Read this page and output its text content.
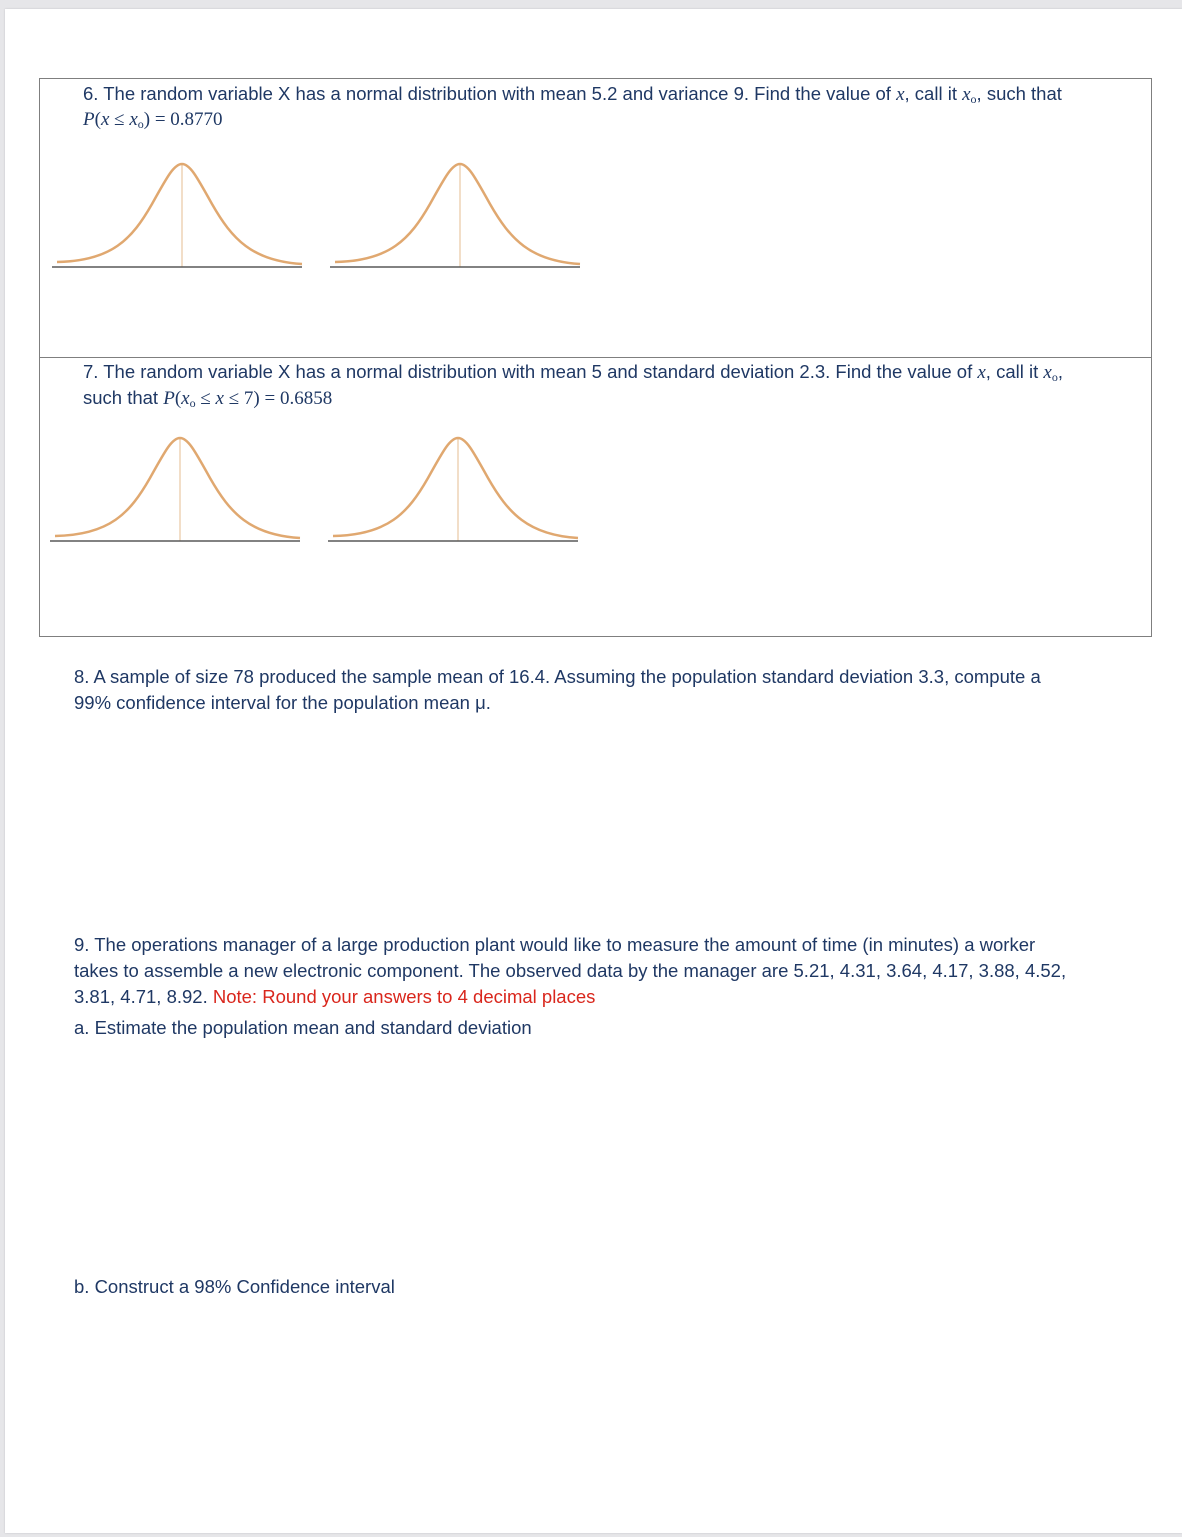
6. The random variable X has a normal distribution with mean 5.2 and variance 9. Find the value of x, call it $x_o$, such that
$P(x \le x_o) = 0.8770$
7. The random variable X has a normal distribution with mean 5 and standard deviation 2.3. Find the value of x, call it $x_o$,
such that $P(x_o \le x \le 7) = 0.6858$
8. A sample of size 78 produced the sample mean of 16.4. Assuming the population standard deviation 3.3, compute a
99% confidence interval for the population mean μ.
9. The operations manager of a large production plant would like to measure the amount of time (in minutes) a worker
takes to assemble a new electronic component. The observed data by the manager are 5.21, 4.31, 3.64, 4.17, 3.88, 4.52,
3.81, 4.71, 8.92. Note: Round your answers to 4 decimal places
a. Estimate the population mean and standard deviation
b. Construct a 98% Confidence interval
